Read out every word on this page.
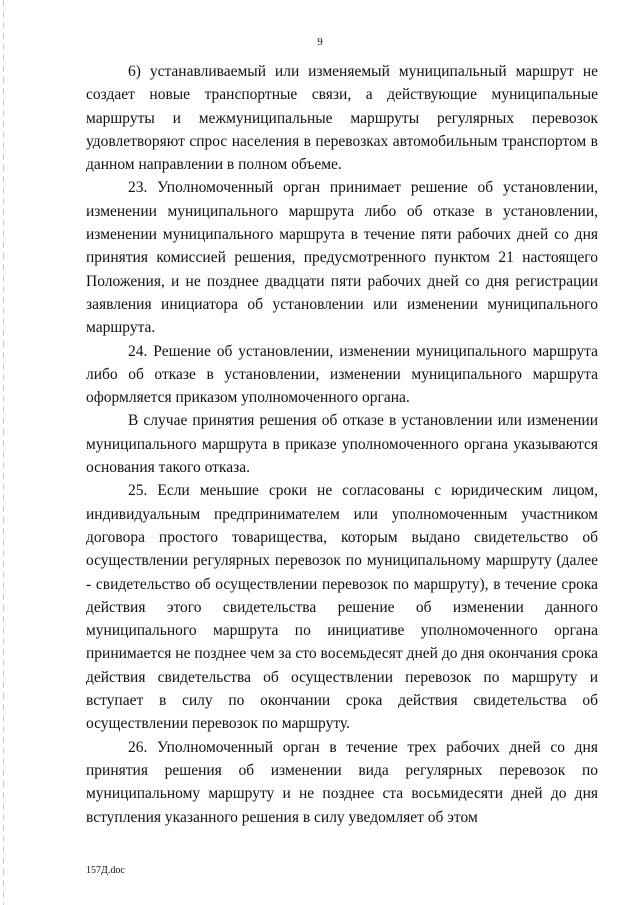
9

6) устанавливаемый или изменяемый муниципальный маршрут не создает новые транспортные связи, а действующие муниципальные маршруты и межмуниципальные маршруты регулярных перевозок удовлетворяют спрос населения в перевозках автомобильным транспортом в данном направлении в полном объеме.

23. Уполномоченный орган принимает решение об установлении, изменении муниципального маршрута либо об отказе в установлении, изменении муниципального маршрута в течение пяти рабочих дней со дня принятия комиссией решения, предусмотренного пунктом 21 настоящего Положения, и не позднее двадцати пяти рабочих дней со дня регистрации заявления инициатора об установлении или изменении муниципального маршрута.

24. Решение об установлении, изменении муниципального маршрута либо об отказе в установлении, изменении муниципального маршрута оформляется приказом уполномоченного органа.

В случае принятия решения об отказе в установлении или изменении муниципального маршрута в приказе уполномоченного органа указываются основания такого отказа.

25. Если меньшие сроки не согласованы с юридическим лицом, индивидуальным предпринимателем или уполномоченным участником договора простого товарищества, которым выдано свидетельство об осуществлении регулярных перевозок по муниципальному маршруту (далее - свидетельство об осуществлении перевозок по маршруту), в течение срока действия этого свидетельства решение об изменении данного муниципального маршрута по инициативе уполномоченного органа принимается не позднее чем за сто восемьдесят дней до дня окончания срока действия свидетельства об осуществлении перевозок по маршруту и вступает в силу по окончании срока действия свидетельства об осуществлении перевозок по маршруту.

26. Уполномоченный орган в течение трех рабочих дней со дня принятия решения об изменении вида регулярных перевозок по муниципальному маршруту и не позднее ста восьмидесяти дней до дня вступления указанного решения в силу уведомляет об этом

157Д.doc
